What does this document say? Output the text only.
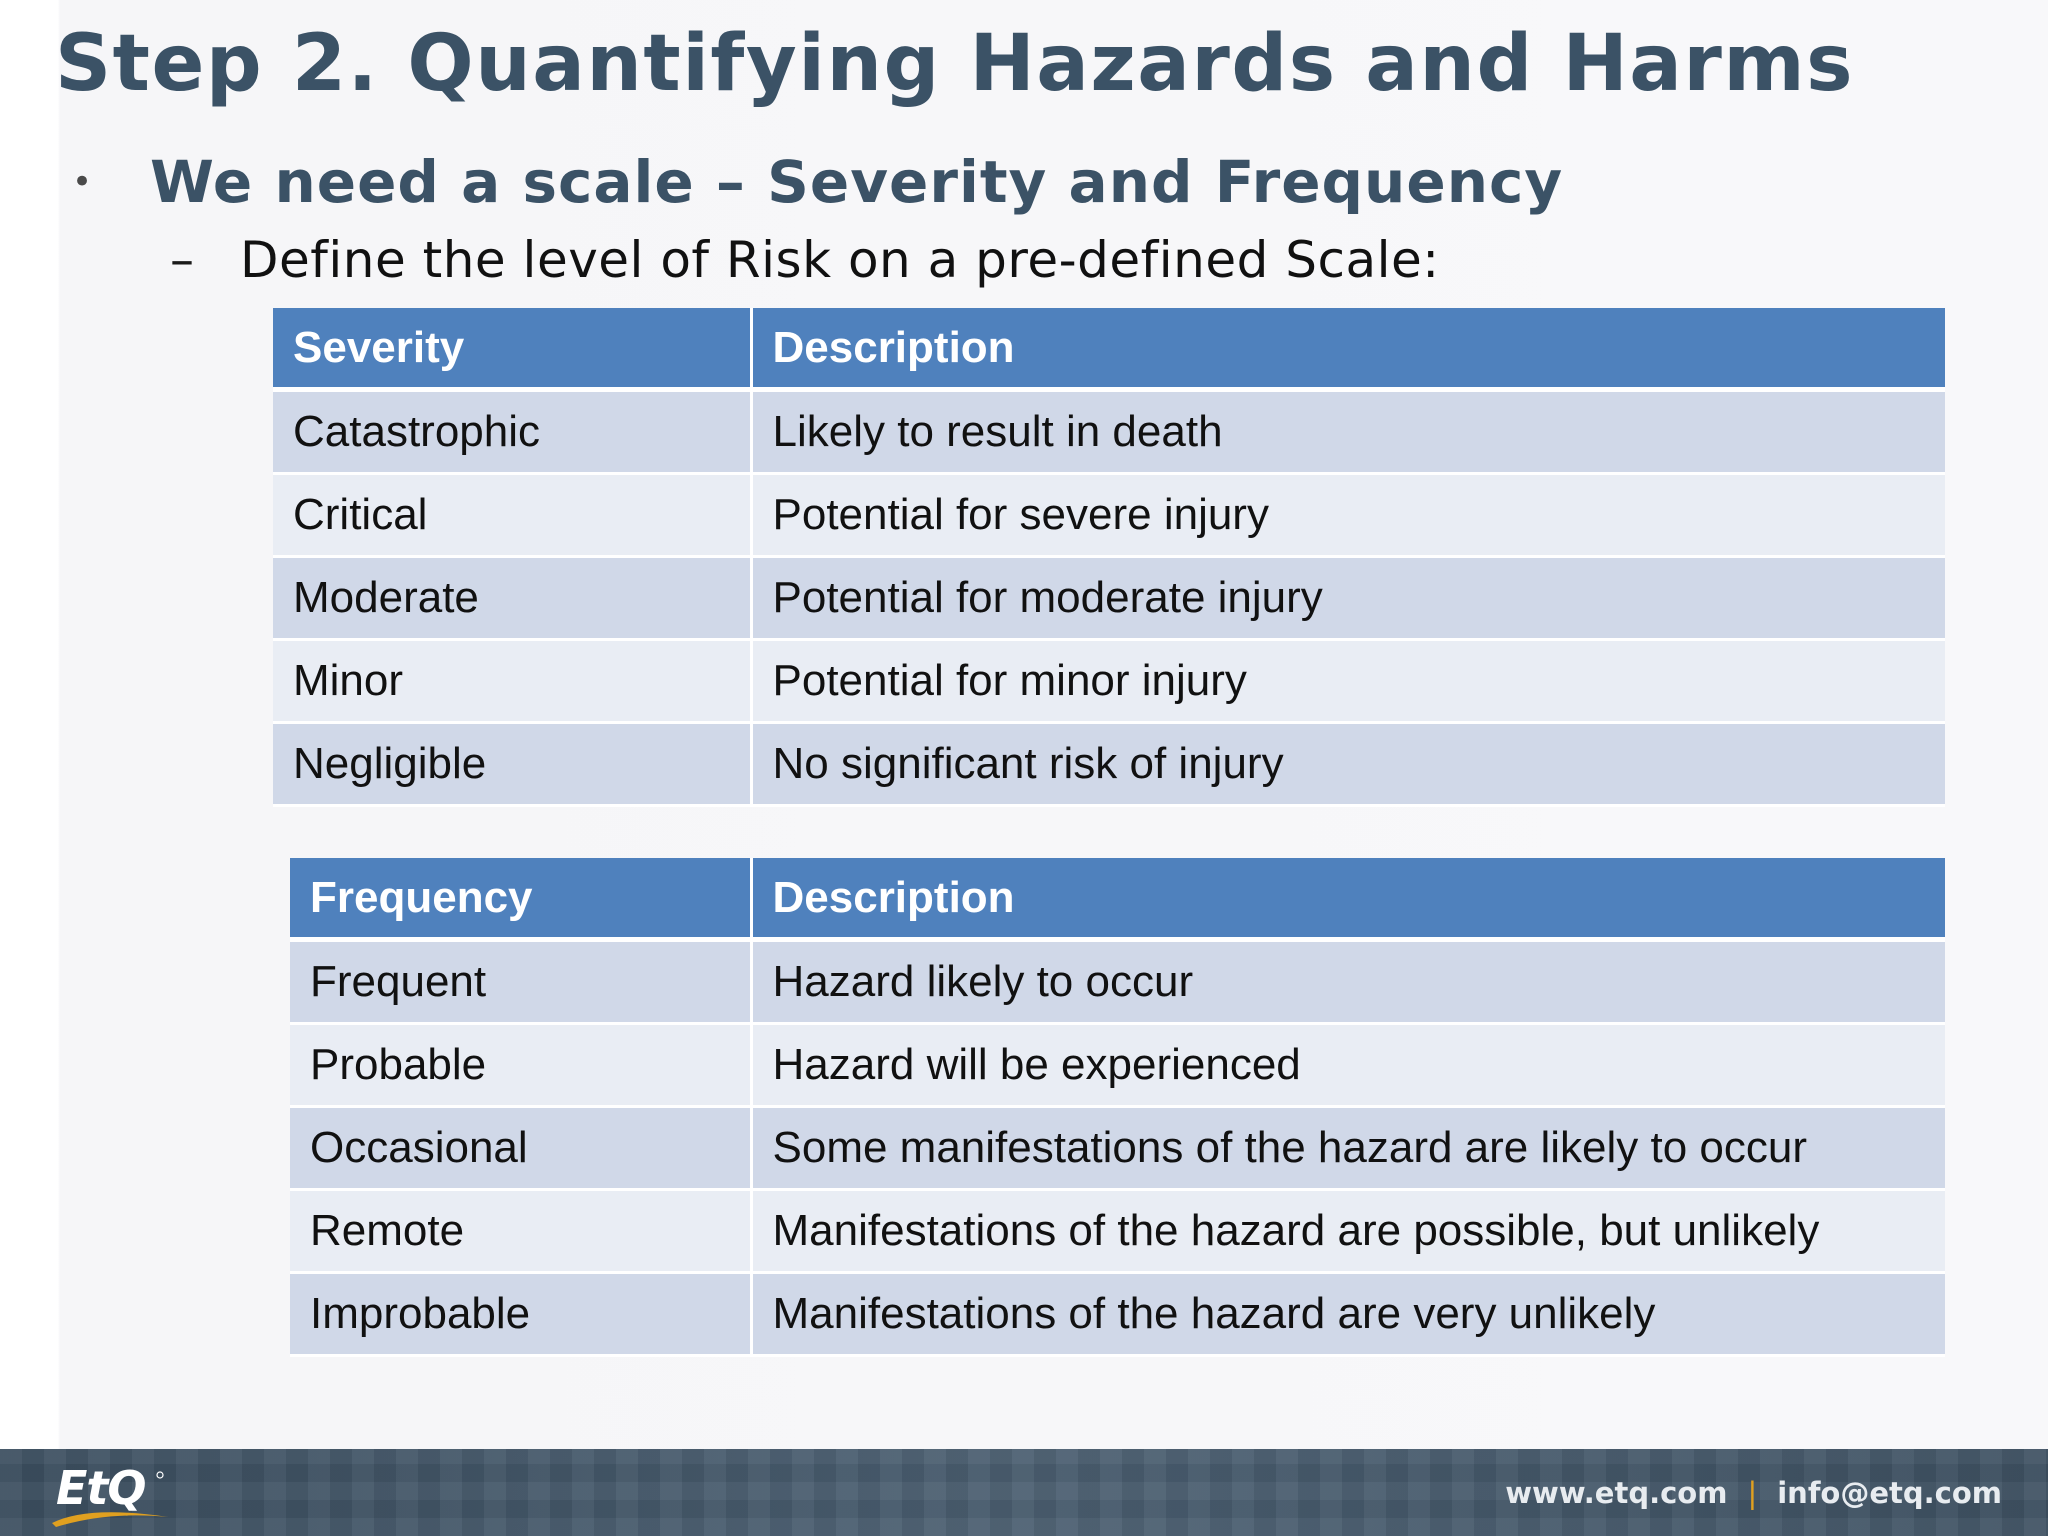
Step 2. Quantifying Hazards and Harms
• We need a scale – Severity and Frequency
– Define the level of Risk on a pre-defined Scale:
Severity	Description
Catastrophic	Likely to result in death
Critical	Potential for severe injury
Moderate	Potential for moderate injury
Minor	Potential for minor injury
Negligible	No significant risk of injury
Frequency	Description
Frequent	Hazard likely to occur
Probable	Hazard will be experienced
Occasional	Some manifestations of the hazard are likely to occur
Remote	Manifestations of the hazard are possible, but unlikely
Improbable	Manifestations of the hazard are very unlikely
EtQ	www.etq.com | info@etq.com
